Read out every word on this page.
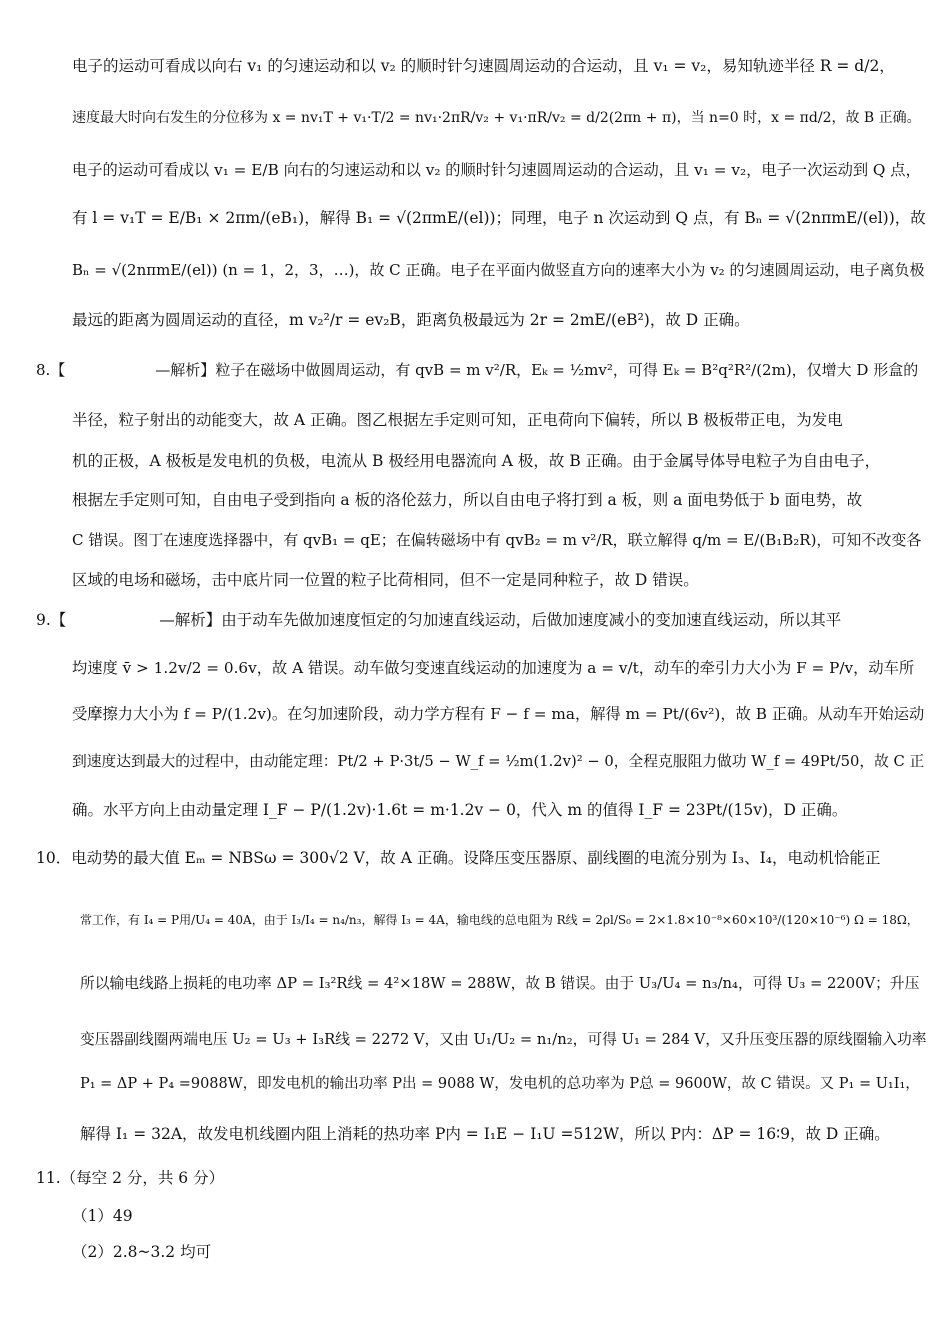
电子的运动可看成以向右 v₁ 的匀速运动和以 v₂ 的顺时针匀速圆周运动的合运动，且 v₁ = v₂，易知轨迹半径 R = d/2，
速度最大时向右发生的分位移为 x = nv₁T + v₁·T/2 = nv₁·2πR/v₂ + v₁·πR/v₂ = d/2(2πn + π)，当 n=0 时，x = πd/2，故 B 正确。
电子的运动可看成以 v₁ = E/B 向右的匀速运动和以 v₂ 的顺时针匀速圆周运动的合运动，且 v₁ = v₂，电子一次运动到 Q 点，
有 l = v₁T = E/B₁ × 2πm/(eB₁)，解得 B₁ = √(2πmE/(el))；同理，电子 n 次运动到 Q 点，有 Bₙ = √(2nπmE/(el))，故
Bₙ = √(2nπmE/(el)) (n = 1，2，3，…)，故 C 正确。电子在平面内做竖直方向的速率大小为 v₂ 的匀速圆周运动，电子离负极
最远的距离为圆周运动的直径，m v₂²/r = ev₂B，距离负极最远为 2r = 2mE/(eB²)，故 D 正确。
8.【　　　　　　—解析】粒子在磁场中做圆周运动，有 qvB = m v²/R，Eₖ = ½mv²，可得 Eₖ = B²q²R²/(2m)，仅增大 D 形盒的
半径，粒子射出的动能变大，故 A 正确。图乙根据左手定则可知，正电荷向下偏转，所以 B 极板带正电，为发电
机的正极，A 极板是发电机的负极，电流从 B 极经用电器流向 A 极，故 B 正确。由于金属导体导电粒子为自由电子，
根据左手定则可知，自由电子受到指向 a 板的洛伦兹力，所以自由电子将打到 a 板，则 a 面电势低于 b 面电势，故
C 错误。图丁在速度选择器中，有 qvB₁ = qE；在偏转磁场中有 qvB₂ = m v²/R，联立解得 q/m = E/(B₁B₂R)，可知不改变各
区域的电场和磁场，击中底片同一位置的粒子比荷相同，但不一定是同种粒子，故 D 错误。
9.【　　　　　　—解析】由于动车先做加速度恒定的匀加速直线运动，后做加速度减小的变加速直线运动，所以其平
均速度 v̄ > 1.2v/2 = 0.6v，故 A 错误。动车做匀变速直线运动的加速度为 a = v/t，动车的牵引力大小为 F = P/v，动车所
受摩擦力大小为 f = P/(1.2v)。在匀加速阶段，动力学方程有 F − f = ma，解得 m = Pt/(6v²)，故 B 正确。从动车开始运动
到速度达到最大的过程中，由动能定理：Pt/2 + P·3t/5 − W_f = ½m(1.2v)² − 0，全程克服阻力做功 W_f = 49Pt/50，故 C 正
确。水平方向上由动量定理 I_F − P/(1.2v)·1.6t = m·1.2v − 0，代入 m 的值得 I_F = 23Pt/(15v)，D 正确。
10．电动势的最大值 Eₘ = NBSω = 300√2 V，故 A 正确。设降压变压器原、副线圈的电流分别为 I₃、I₄，电动机恰能正
常工作，有 I₄ = P用/U₄ = 40A，由于 I₃/I₄ = n₄/n₃，解得 I₃ = 4A，输电线的总电阻为 R线 = 2ρl/S₀ = 2×1.8×10⁻⁸×60×10³/(120×10⁻⁶) Ω = 18Ω，
所以输电线路上损耗的电功率 ΔP = I₃²R线 = 4²×18W = 288W，故 B 错误。由于 U₃/U₄ = n₃/n₄，可得 U₃ = 2200V；升压
变压器副线圈两端电压 U₂ = U₃ + I₃R线 = 2272 V，又由 U₁/U₂ = n₁/n₂，可得 U₁ = 284 V，又升压变压器的原线圈输入功率
P₁ = ΔP + P₄ =9088W，即发电机的输出功率 P出 = 9088 W，发电机的总功率为 P总 = 9600W，故 C 错误。又 P₁ = U₁I₁，
解得 I₁ = 32A，故发电机线圈内阻上消耗的热功率 P内 = I₁E − I₁U =512W，所以 P内：ΔP = 16∶9，故 D 正确。
11.（每空 2 分，共 6 分）
（1）49
（2）2.8~3.2 均可
